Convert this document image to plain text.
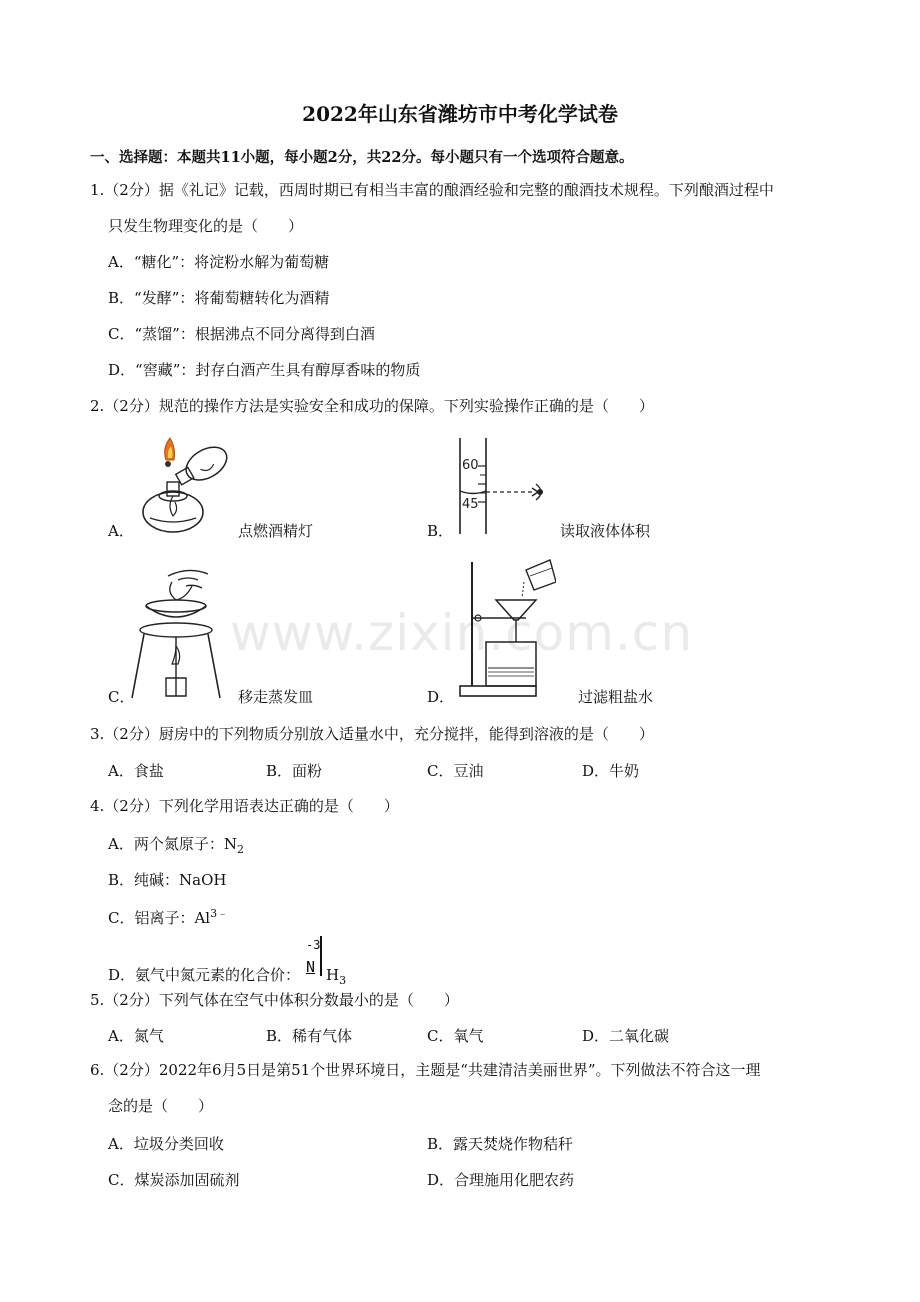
2022年山东省潍坊市中考化学试卷
一、选择题：本题共11小题，每小题2分，共22分。每小题只有一个选项符合题意。
1.（2分）据《礼记》记载，西周时期已有相当丰富的酿酒经验和完整的酿酒技术规程。下列酿酒过程中
只发生物理变化的是（　　）
A．“糖化”：将淀粉水解为葡萄糖
B．“发酵”：将葡萄糖转化为酒精
C．“蒸馏”：根据沸点不同分离得到白酒
D．“窖藏”：封存白酒产生具有醇厚香味的物质
2.（2分）规范的操作方法是实验安全和成功的保障。下列实验操作正确的是（　　）
A．	点燃酒精灯
60
45
B．	读取液体体积
C．	移走蒸发皿	D．	过滤粗盐水
3.（2分）厨房中的下列物质分别放入适量水中，充分搅拌，能得到溶液的是（　　）
A．食盐	B．面粉	C．豆油	D．牛奶
4.（2分）下列化学用语表达正确的是（　　）
A．两个氮原子：$N_2$
B．纯碱：NaOH
C．铝离子：$Al^{3﹣}$
D．氨气中氮元素的化合价：
-3
N $H_3$
5.（2分）下列气体在空气中体积分数最小的是（　　）
A．氮气	B．稀有气体	C．氧气	D．二氧化碳
6.（2分）2022年6月5日是第51个世界环境日，主题是“共建清洁美丽世界”。下列做法不符合这一理
念的是（　　）
A．垃圾分类回收	B．露天焚烧作物秸秆
C．煤炭添加固硫剂	D．合理施用化肥农药
www.zixin.com.cn
